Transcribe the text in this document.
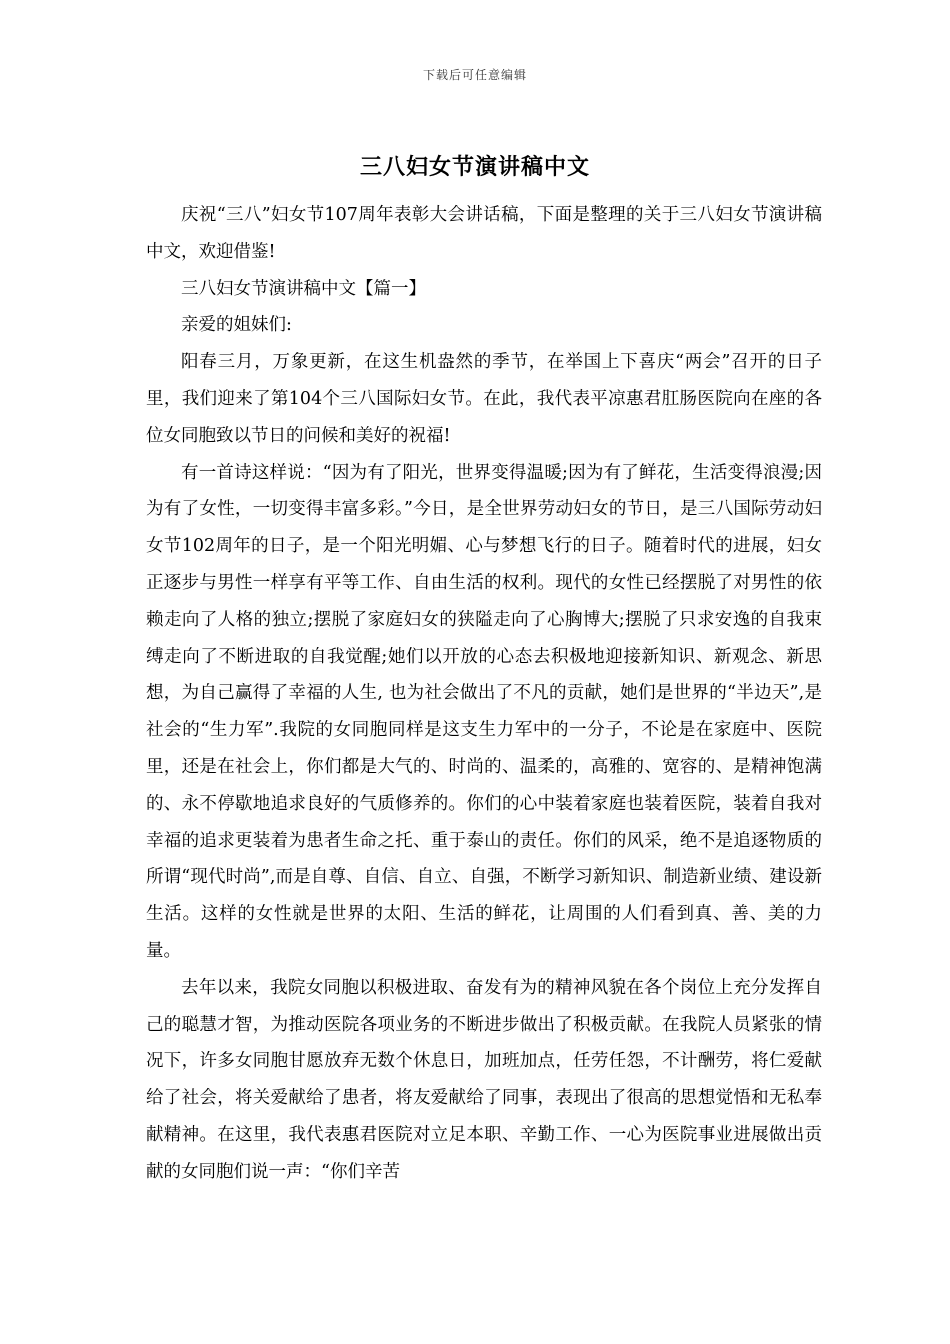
下载后可任意编辑
三八妇女节演讲稿中文

庆祝“三八”妇女节107周年表彰大会讲话稿，下面是整理的关于三八妇女节演讲稿中文，欢迎借鉴!

三八妇女节演讲稿中文【篇一】

亲爱的姐妹们:

阳春三月，万象更新，在这生机盎然的季节，在举国上下喜庆“两会”召开的日子里，我们迎来了第104个三八国际妇女节。在此，我代表平凉惠君肛肠医院向在座的各位女同胞致以节日的问候和美好的祝福!

有一首诗这样说：“因为有了阳光，世界变得温暖;因为有了鲜花，生活变得浪漫;因为有了女性，一切变得丰富多彩。”今日，是全世界劳动妇女的节日，是三八国际劳动妇女节102周年的日子，是一个阳光明媚、心与梦想飞行的日子。随着时代的进展，妇女正逐步与男性一样享有平等工作、自由生活的权利。现代的女性已经摆脱了对男性的依赖走向了人格的独立;摆脱了家庭妇女的狭隘走向了心胸博大;摆脱了只求安逸的自我束缚走向了不断进取的自我觉醒;她们以开放的心态去积极地迎接新知识、新观念、新思想，为自己赢得了幸福的人生, 也为社会做出了不凡的贡献，她们是世界的“半边天”,是社会的“生力军”.我院的女同胞同样是这支生力军中的一分子，不论是在家庭中、医院里，还是在社会上，你们都是大气的、时尚的、温柔的，高雅的、宽容的、是精神饱满的、永不停歇地追求良好的气质修养的。你们的心中装着家庭也装着医院，装着自我对幸福的追求更装着为患者生命之托、重于泰山的责任。你们的风采，绝不是追逐物质的所谓“现代时尚”,而是自尊、自信、自立、自强，不断学习新知识、制造新业绩、建设新生活。这样的女性就是世界的太阳、生活的鲜花，让周围的人们看到真、善、美的力量。

去年以来，我院女同胞以积极进取、奋发有为的精神风貌在各个岗位上充分发挥自己的聪慧才智，为推动医院各项业务的不断进步做出了积极贡献。在我院人员紧张的情况下，许多女同胞甘愿放弃无数个休息日，加班加点，任劳任怨，不计酬劳，将仁爱献给了社会，将关爱献给了患者，将友爱献给了同事，表现出了很高的思想觉悟和无私奉献精神。在这里，我代表惠君医院对立足本职、辛勤工作、一心为医院事业进展做出贡献的女同胞们说一声：“你们辛苦
